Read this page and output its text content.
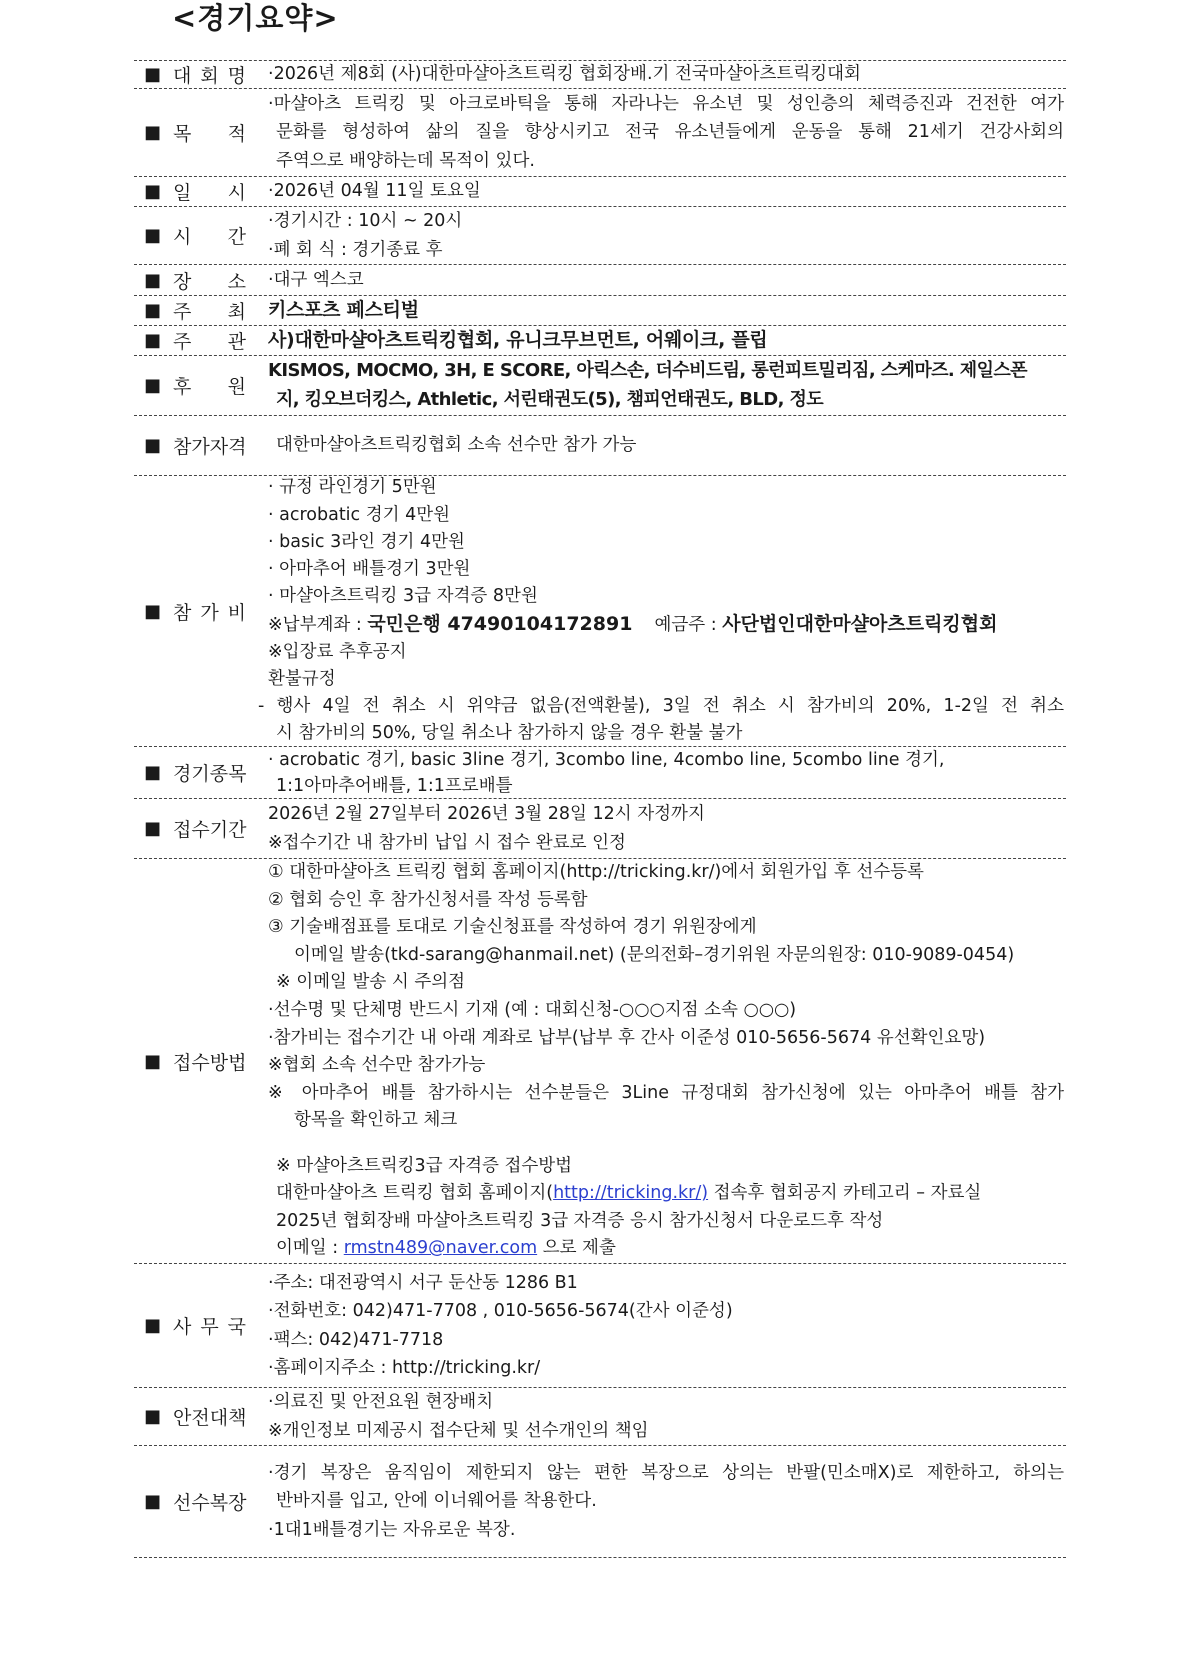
<경기요약>
■ 대 회 명 ·2026년 제8회 (사)대한마샬아츠트릭킹 협회장배.기 전국마샬아츠트릭킹대회
■ 목 적
·마샬아츠 트릭킹 및 아크로바틱을 통해 자라나는 유소년 및 성인층의 체력증진과 건전한 여가
문화를 형성하여 삶의 질을 향상시키고 전국 유소년들에게 운동을 통해 21세기 건강사회의
주역으로 배양하는데 목적이 있다.
■ 일 시 ·2026년 04월 11일 토요일
■ 시 간
·경기시간 : 10시 ~ 20시
·폐 회 식 : 경기종료 후
■ 장 소 ·대구 엑스코
■ 주 최 키스포츠 페스티벌
■ 주 관 사)대한마샬아츠트릭킹협회, 유니크무브먼트, 어웨이크, 플립
■ 후 원
KISMOS, MOCMO, 3H, E SCORE, 아릭스손, 더수비드림, 롱런피트밀리짐, 스케마즈. 제일스폰
지, 킹오브더킹스, Athletic, 서린태권도(5), 챔피언태권도, BLD, 정도
■ 참가자격	대한마샬아츠트릭킹협회 소속 선수만 참가 가능
■ 참 가 비
· 규정 라인경기 5만원
· acrobatic 경기 4만원
· basic 3라인 경기 4만원
· 아마추어 배틀경기 3만원
· 마샬아츠트릭킹 3급 자격증 8만원
※납부계좌 : 국민은행 47490104172891 예금주 : 사단법인대한마샬아츠트릭킹협회
※입장료 추후공지
환불규정
- 행사 4일 전 취소 시 위약금 없음(전액환불), 3일 전 취소 시 참가비의 20%, 1-2일 전 취소
시 참가비의 50%, 당일 취소나 참가하지 않을 경우 환불 불가
■ 경기종목
· acrobatic 경기, basic 3line 경기, 3combo line, 4combo line, 5combo line 경기,
1:1아마추어배틀, 1:1프로배틀
■ 접수기간
2026년 2월 27일부터 2026년 3월 28일 12시 자정까지
※접수기간 내 참가비 납입 시 접수 완료로 인정
■ 접수방법
① 대한마샬아츠 트릭킹 협회 홈페이지(http://tricking.kr/)에서 회원가입 후 선수등록
② 협회 승인 후 참가신청서를 작성 등록함
③ 기술배점표를 토대로 기술신청표를 작성하여 경기 위원장에게
이메일 발송(tkd-sarang@hanmail.net) (문의전화–경기위원 자문의원장: 010-9089-0454)
※ 이메일 발송 시 주의점
·선수명 및 단체명 반드시 기재 (예 : 대회신청-○○○지점 소속 ○○○)
·참가비는 접수기간 내 아래 계좌로 납부(납부 후 간사 이준성 010-5656-5674 유선확인요망)
※협회 소속 선수만 참가가능
※ 아마추어 배틀 참가하시는 선수분들은 3Line 규정대회 참가신청에 있는 아마추어 배틀 참가
항목을 확인하고 체크
※ 마샬아츠트릭킹3급 자격증 접수방법
대한마샬아츠 트릭킹 협회 홈페이지(http://tricking.kr/) 접속후 협회공지 카테고리 – 자료실
2025년 협회장배 마샬아츠트릭킹 3급 자격증 응시 참가신청서 다운로드후 작성
이메일 : rmstn489@naver.com 으로 제출
■ 사 무 국
·주소: 대전광역시 서구 둔산동 1286 B1
·전화번호: 042)471-7708 , 010-5656-5674(간사 이준성)
·팩스: 042)471-7718
·홈페이지주소 : http://tricking.kr/
■ 안전대책
·의료진 및 안전요원 현장배치
※개인정보 미제공시 접수단체 및 선수개인의 책임
■ 선수복장
·경기 복장은 움직임이 제한되지 않는 편한 복장으로 상의는 반팔(민소매X)로 제한하고, 하의는
반바지를 입고, 안에 이너웨어를 착용한다.
·1대1배틀경기는 자유로운 복장.
